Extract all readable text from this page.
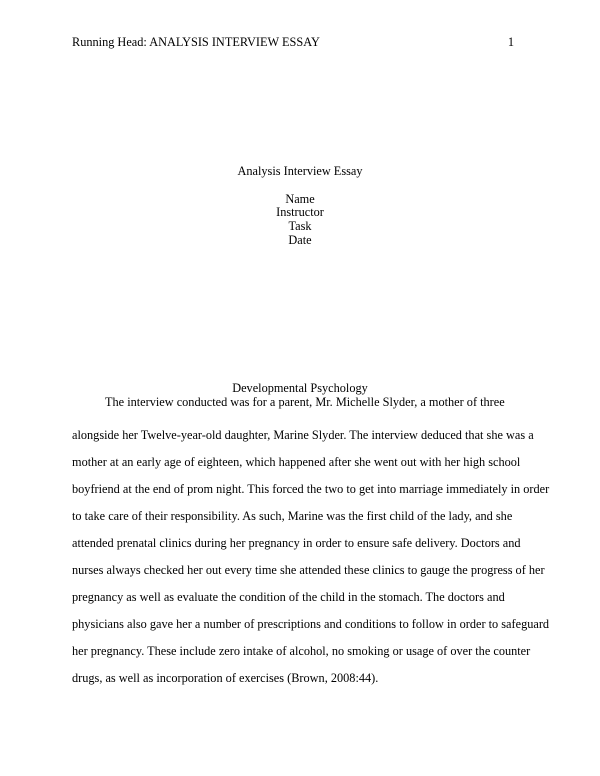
Running Head: ANALYSIS INTERVIEW ESSAY	1
Analysis Interview Essay
Name
Instructor
Task
Date
Developmental Psychology

The interview conducted was for a parent, Mr. Michelle Slyder, a mother of three
alongside her Twelve-year-old daughter, Marine Slyder. The interview deduced that she was a
mother at an early age of eighteen, which happened after she went out with her high school
boyfriend at the end of prom night. This forced the two to get into marriage immediately in order
to take care of their responsibility. As such, Marine was the first child of the lady, and she
attended prenatal clinics during her pregnancy in order to ensure safe delivery. Doctors and
nurses always checked her out every time she attended these clinics to gauge the progress of her
pregnancy as well as evaluate the condition of the child in the stomach. The doctors and
physicians also gave her a number of prescriptions and conditions to follow in order to safeguard
her pregnancy. These include zero intake of alcohol, no smoking or usage of over the counter
drugs, as well as incorporation of exercises (Brown, 2008:44).
